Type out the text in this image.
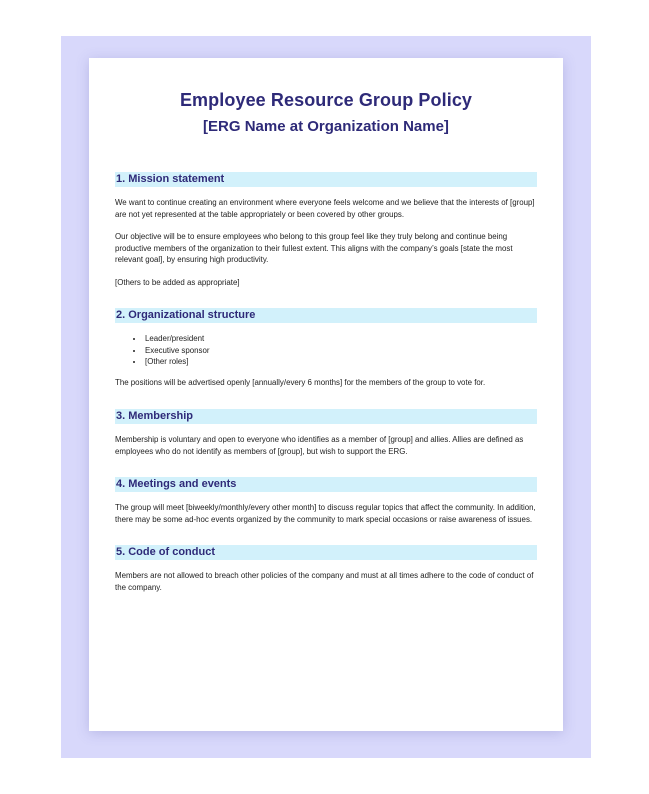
Employee Resource Group Policy
[ERG Name at Organization Name]
1. Mission statement

We want to continue creating an environment where everyone feels welcome and we believe that the interests of [group] are not yet represented at the table appropriately or been covered by other groups.

Our objective will be to ensure employees who belong to this group feel like they truly belong and continue being productive members of the organization to their fullest extent. This aligns with the company’s goals [state the most relevant goal], by ensuring high productivity.

[Others to be added as appropriate]

2. Organizational structure
• Leader/president
• Executive sponsor
• [Other roles]

The positions will be advertised openly [annually/every 6 months] for the members of the group to vote for.

3. Membership

Membership is voluntary and open to everyone who identifies as a member of [group] and allies. Allies are defined as employees who do not identify as members of [group], but wish to support the ERG.

4. Meetings and events

The group will meet [biweekly/monthly/every other month] to discuss regular topics that affect the community. In addition, there may be some ad-hoc events organized by the community to mark special occasions or raise awareness of issues.

5. Code of conduct

Members are not allowed to breach other policies of the company and must at all times adhere to the code of conduct of the company.
